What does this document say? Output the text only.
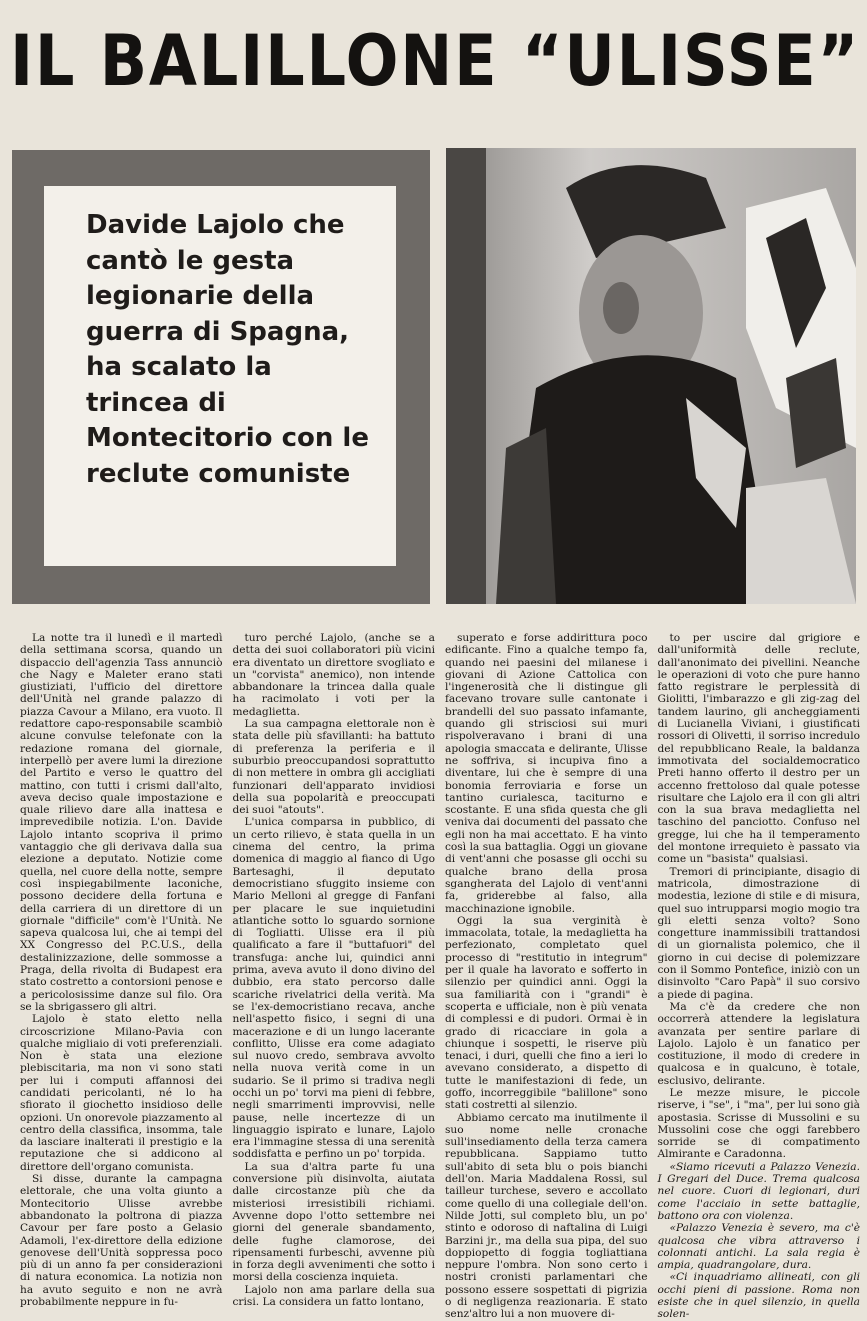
IL BALILLONE “ULISSE”

Davide Lajolo che cantò le gesta legionarie della guerra di Spagna, ha scalato la trincea di Montecitorio con le reclute comuniste

La notte tra il lunedì e il martedì della settimana scorsa, quando un dispaccio dell'agenzia Tass annunciò che Nagy e Maleter erano stati giustiziati, l'ufficio del direttore dell'Unità nel grande palazzo di piazza Cavour a Milano, era vuoto. Il redattore capo-responsabile scambiò alcune convulse telefonate con la redazione romana del giornale, interpellò per avere lumi la direzione del Partito e verso le quattro del mattino, con tutti i crismi dall'alto, aveva deciso quale impostazione e quale rilievo dare alla inattesa e imprevedibile notizia. L'on. Davide Lajolo intanto scopriva il primo vantaggio che gli derivava dalla sua elezione a deputato. Notizie come quella, nel cuore della notte, sempre così inspiegabilmente laconiche, possono decidere della fortuna e della carriera di un direttore di un giornale "difficile" com'è l'Unità. Ne sapeva qualcosa lui, che ai tempi del XX Congresso del P.C.U.S., della destalinizzazione, delle sommosse a Praga, della rivolta di Budapest era stato costretto a contorsioni penose e a pericolosissime danze sul filo. Ora se la sbrigassero gli altri.

Lajolo è stato eletto nella circoscrizione Milano-Pavia con qualche migliaio di voti preferenziali. Non è stata una elezione plebiscitaria, ma non vi sono stati per lui i computi affannosi dei candidati pericolanti, né lo ha sfiorato il giochetto insidioso delle opzioni. Un onorevole piazzamento al centro della classifica, insomma, tale da lasciare inalterati il prestigio e la reputazione che si addicono al direttore dell'organo comunista.

Si disse, durante la campagna elettorale, che una volta giunto a Montecitorio Ulisse avrebbe abbandonato la poltrona di piazza Cavour per fare posto a Gelasio Adamoli, l'ex-direttore della edizione genovese dell'Unità soppressa poco più di un anno fa per considerazioni di natura economica. La notizia non ha avuto seguito e non ne avrà probabilmente neppure in fu-

turo perché Lajolo, (anche se a detta dei suoi collaboratori più vicini era diventato un direttore svogliato e un "corvista" anemico), non intende abbandonare la trincea dalla quale ha racimolato i voti per la medaglietta.

La sua campagna elettorale non è stata delle più sfavillanti: ha battuto di preferenza la periferia e il suburbio preoccupandosi soprattutto di non mettere in ombra gli accigliati funzionari dell'apparato invidiosi della sua popolarità e preoccupati dei suoi "atouts".

L'unica comparsa in pubblico, di un certo rilievo, è stata quella in un cinema del centro, la prima domenica di maggio al fianco di Ugo Bartesaghi, il deputato democristiano sfuggito insieme con Mario Melloni al gregge di Fanfani per placare le sue inquietudini atlantiche sotto lo sguardo sornione di Togliatti. Ulisse era il più qualificato a fare il "buttafuori" del transfuga: anche lui, quindici anni prima, aveva avuto il dono divino del dubbio, era stato percorso dalle scariche rivelatrici della verità. Ma se l'ex-democristiano recava, anche nell'aspetto fisico, i segni di una macerazione e di un lungo lacerante conflitto, Ulisse era come adagiato sul nuovo credo, sembrava avvolto nella nuova verità come in un sudario. Se il primo si tradiva negli occhi un po' torvi ma pieni di febbre, negli smarrimenti improvvisi, nelle pause, nelle incertezze di un linguaggio ispirato e lunare, Lajolo era l'immagine stessa di una serenità soddisfatta e perfino un po' torpida.

La sua d'altra parte fu una conversione più disinvolta, aiutata dalle circostanze più che da misteriosi irresistibili richiami. Avvenne dopo l'otto settembre nei giorni del generale sbandamento, delle fughe clamorose, dei ripensamenti furbeschi, avvenne più in forza degli avvenimenti che sotto i morsi della coscienza inquieta.

Lajolo non ama parlare della sua crisi. La considera un fatto lontano,

superato e forse addirittura poco edificante. Fino a qualche tempo fa, quando nei paesini del milanese i giovani di Azione Cattolica con l'ingenerosità che li distingue gli facevano trovare sulle cantonate i brandelli del suo passato infamante, quando gli strisciosi sui muri rispolveravano i brani di una apologia smaccata e delirante, Ulisse ne soffriva, si incupiva fino a diventare, lui che è sempre di una bonomia ferroviaria e forse un tantino curialesca, taciturno e scostante. E una sfida questa che gli veniva dai documenti del passato che egli non ha mai accettato. E ha vinto così la sua battaglia. Oggi un giovane di vent'anni che posasse gli occhi su qualche brano della prosa sgangherata del Lajolo di vent'anni fa, griderebbe al falso, alla macchinazione ignobile.

Oggi la sua verginità è immacolata, totale, la medaglietta ha perfezionato, completato quel processo di "restitutio in integrum" per il quale ha lavorato e sofferto in silenzio per quindici anni. Oggi la sua familiarità con i "grandi" è scoperta e ufficiale, non è più venata di complessi e di pudori. Ormai è in grado di ricacciare in gola a chiunque i sospetti, le riserve più tenaci, i duri, quelli che fino a ieri lo avevano considerato, a dispetto di tutte le manifestazioni di fede, un goffo, incorreggibile "balillone" sono stati costretti al silenzio.

Abbiamo cercato ma inutilmente il suo nome nelle cronache sull'insediamento della terza camera repubblicana. Sappiamo tutto sull'abito di seta blu o pois bianchi dell'on. Maria Maddalena Rossi, sul tailleur turchese, severo e accollato come quello di una collegiale dell'on. Nilde Jotti, sul completo blu, un po' stinto e odoroso di naftalina di Luigi Barzini jr., ma della sua pipa, del suo doppiopetto di foggia togliattiana neppure l'ombra. Non sono certo i nostri cronisti parlamentari che possono essere sospettati di pigrizia o di negligenza reazionaria. E stato senz'altro lui a non muovere di-

to per uscire dal grigiore e dall'uniformità delle reclute, dall'anonimato dei pivellini. Neanche le operazioni di voto che pure hanno fatto registrare le perplessità di Giolitti, l'imbarazzo e gli zig-zag del tandem laurino, gli ancheggiamenti di Lucianella Viviani, i giustificati rossori di Olivetti, il sorriso incredulo del repubblicano Reale, la baldanza immotivata del socialdemocratico Preti hanno offerto il destro per un accenno frettoloso dal quale potesse risultare che Lajolo era il con gli altri con la sua brava medaglietta nel taschino del panciotto. Confuso nel gregge, lui che ha il temperamento del montone irrequieto è passato via come un "basista" qualsiasi.

Tremori di principiante, disagio di matricola, dimostrazione di modestia, lezione di stile e di misura, quel suo intrupparsi mogio mogio tra gli eletti senza volto? Sono congetture inammissibili trattandosi di un giornalista polemico, che il giorno in cui decise di polemizzare con il Sommo Pontefice, iniziò con un disinvolto "Caro Papà" il suo corsivo a piede di pagina.

Ma c'è da credere che non occorrerà attendere la legislatura avanzata per sentire parlare di Lajolo. Lajolo è un fanatico per costituzione, il modo di credere in qualcosa e in qualcuno, è totale, esclusivo, delirante.

Le mezze misure, le piccole riserve, i "se", i "ma", per lui sono già apostasia. Scrisse di Mussolini e su Mussolini cose che oggi farebbero sorride se di compatimento Almirante e Caradonna.

«Siamo ricevuti a Palazzo Venezia. I Gregari del Duce. Trema qualcosa nel cuore. Cuori di legionari, duri come l'acciaio in sette battaglie, battono ora con violenza.

«Palazzo Venezia è severo, ma c'è qualcosa che vibra attraverso i colonnati antichi. La sala regia è ampia, quadrangolare, dura.

«Ci inquadriamo allineati, con gli occhi pieni di passione. Roma non esiste che in quel silenzio, in quella solen-
